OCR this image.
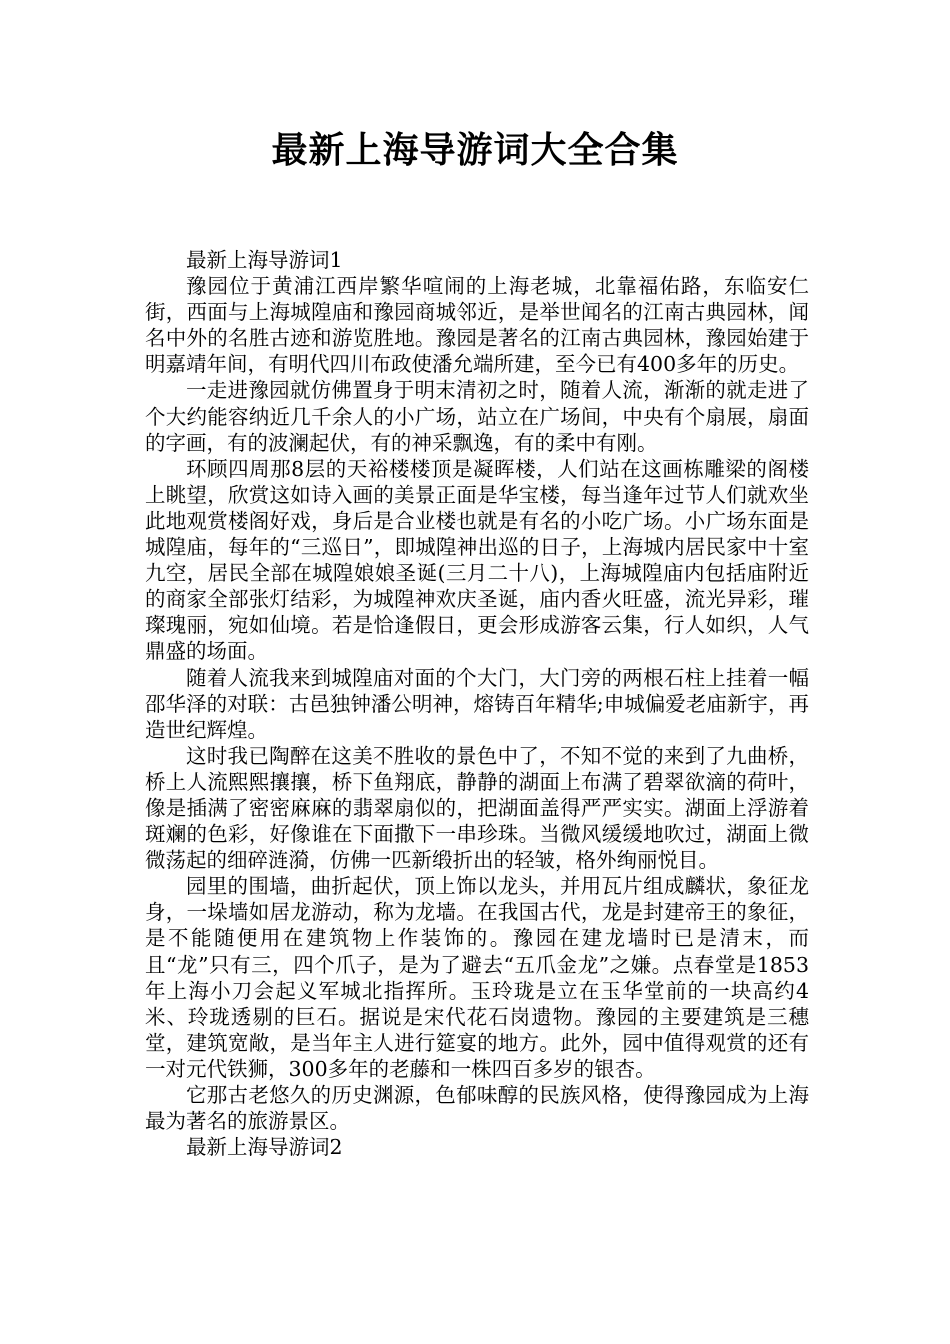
最新上海导游词大全合集

最新上海导游词1

豫园位于黄浦江西岸繁华喧闹的上海老城，北靠福佑路，东临安仁街，西面与上海城隍庙和豫园商城邻近，是举世闻名的江南古典园林，闻名中外的名胜古迹和游览胜地。豫园是著名的江南古典园林，豫园始建于明嘉靖年间，有明代四川布政使潘允端所建，至今已有400多年的历史。

一走进豫园就仿佛置身于明末清初之时，随着人流，渐渐的就走进了个大约能容纳近几千余人的小广场，站立在广场间，中央有个扇展，扇面的字画，有的波澜起伏，有的神采飘逸，有的柔中有刚。

环顾四周那8层的天裕楼楼顶是凝晖楼，人们站在这画栋雕梁的阁楼上眺望，欣赏这如诗入画的美景正面是华宝楼，每当逢年过节人们就欢坐此地观赏楼阁好戏，身后是合业楼也就是有名的小吃广场。小广场东面是城隍庙，每年的“三巡日”，即城隍神出巡的日子，上海城内居民家中十室九空，居民全部在城隍娘娘圣诞(三月二十八)，上海城隍庙内包括庙附近的商家全部张灯结彩，为城隍神欢庆圣诞，庙内香火旺盛，流光异彩，璀璨瑰丽，宛如仙境。若是恰逢假日，更会形成游客云集，行人如织，人气鼎盛的场面。

随着人流我来到城隍庙对面的个大门，大门旁的两根石柱上挂着一幅邵华泽的对联：古邑独钟潘公明神，熔铸百年精华;申城偏爱老庙新宇，再造世纪辉煌。

这时我已陶醉在这美不胜收的景色中了，不知不觉的来到了九曲桥，桥上人流熙熙攘攘，桥下鱼翔底，静静的湖面上布满了碧翠欲滴的荷叶，像是插满了密密麻麻的翡翠扇似的，把湖面盖得严严实实。湖面上浮游着斑斓的色彩，好像谁在下面撒下一串珍珠。当微风缓缓地吹过，湖面上微微荡起的细碎涟漪，仿佛一匹新缎折出的轻皱，格外绚丽悦目。

园里的围墙，曲折起伏，顶上饰以龙头，并用瓦片组成麟状，象征龙身，一垛墙如居龙游动，称为龙墙。在我国古代，龙是封建帝王的象征，是不能随便用在建筑物上作装饰的。豫园在建龙墙时已是清末，而且“龙”只有三，四个爪子，是为了避去“五爪金龙”之嫌。点春堂是1853年上海小刀会起义军城北指挥所。玉玲珑是立在玉华堂前的一块高约4米、玲珑透剔的巨石。据说是宋代花石岗遗物。豫园的主要建筑是三穗堂，建筑宽敞，是当年主人进行筵宴的地方。此外，园中值得观赏的还有一对元代铁狮，300多年的老藤和一株四百多岁的银杏。

它那古老悠久的历史渊源，色郁味醇的民族风格，使得豫园成为上海最为著名的旅游景区。

最新上海导游词2
